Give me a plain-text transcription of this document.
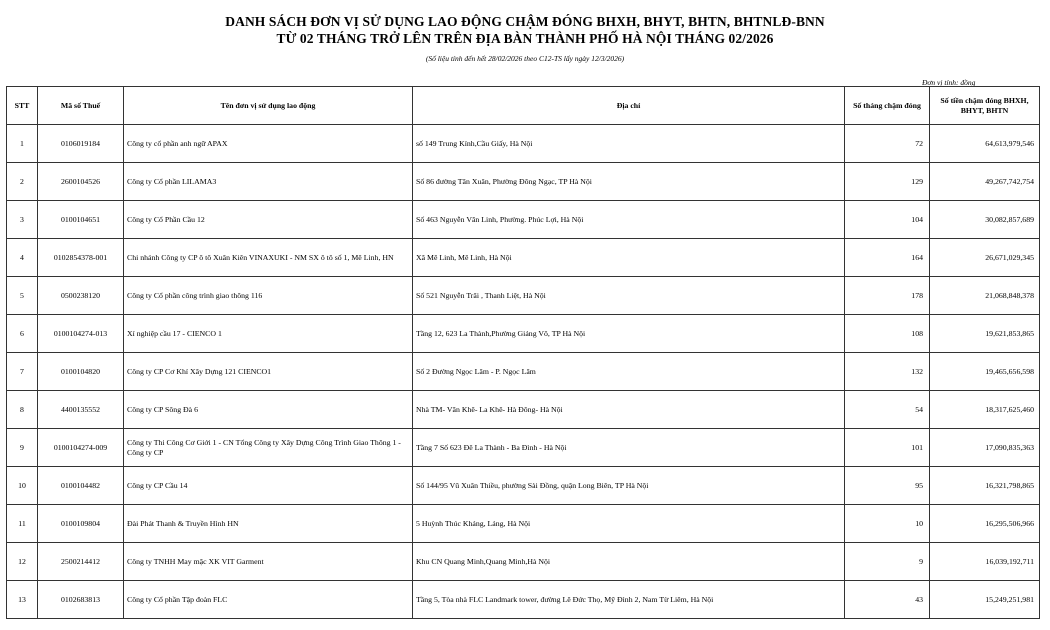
DANH SÁCH ĐƠN VỊ SỬ DỤNG LAO ĐỘNG CHẬM ĐÓNG BHXH, BHYT, BHTN, BHTNLĐ-BNN
TỪ 02 THÁNG TRỞ LÊN TRÊN ĐỊA BÀN THÀNH PHỐ HÀ NỘI THÁNG 02/2026
(Số liệu tính đến hết 28/02/2026 theo C12-TS lấy ngày 12/3/2026)
Đơn vị tính: đồng
STT	Mã số Thuế	Tên đơn vị sử dụng lao động	Địa chỉ	Số tháng chậm đóng	Số tiền chậm đóng BHXH, BHYT, BHTN
1	0106019184	Công ty cổ phần anh ngữ APAX	số 149 Trung Kính,Cầu Giấy, Hà Nội	72	64,613,979,546
2	2600104526	Công ty Cổ phần LILAMA3	Số 86 đường Tân Xuân, Phường Đông Ngạc, TP Hà Nội	129	49,267,742,754
3	0100104651	Công ty Cổ Phần Cầu 12	Số 463 Nguyễn Văn Linh, Phường. Phúc Lợi, Hà Nội	104	30,082,857,689
4	0102854378-001	Chi nhánh Công ty CP ô tô Xuân Kiên VINAXUKI - NM SX ô tô số 1, Mê Linh, HN	Xã Mê Linh, Mê Linh, Hà Nội	164	26,671,029,345
5	0500238120	Công ty Cổ phần công trình giao thông 116	Số 521 Nguyễn Trãi , Thanh Liệt, Hà Nội	178	21,068,848,378
6	0100104274-013	Xí nghiệp cầu 17 - CIENCO 1	Tầng 12, 623 La Thành,Phường Giảng Võ, TP Hà Nội	108	19,621,853,865
7	0100104820	Công ty CP Cơ Khí Xây Dựng 121 CIENCO1	Số 2 Đường Ngọc Lâm - P. Ngọc Lâm	132	19,465,656,598
8	4400135552	Công ty CP Sông Đà 6	Nhà TM- Văn Khê- La Khê- Hà Đông- Hà Nội	54	18,317,625,460
9	0100104274-009	Công ty Thi Công Cơ Giới 1 - CN Tổng Công ty Xây Dựng Công Trình Giao Thông 1 - Công ty CP	Tầng 7 Số 623 Đê La Thành - Ba Đình - Hà Nội	101	17,090,835,363
10	0100104482	Công ty CP Cầu 14	Số 144/95 Vũ Xuân Thiều, phường Sài Đồng, quận Long Biên, TP Hà Nội	95	16,321,798,865
11	0100109804	Đài Phát Thanh & Truyền Hình HN	5 Huỳnh Thúc Kháng, Láng, Hà Nội	10	16,295,506,966
12	2500214412	Công ty TNHH May mặc XK VIT Garment	Khu CN Quang Minh,Quang Minh,Hà Nội	9	16,039,192,711
13	0102683813	Công ty Cổ phần Tập đoàn FLC	Tầng 5, Tòa nhà FLC Landmark tower, đường Lê Đức Thọ, Mỹ Đình 2, Nam Từ Liêm, Hà Nội	43	15,249,251,981
